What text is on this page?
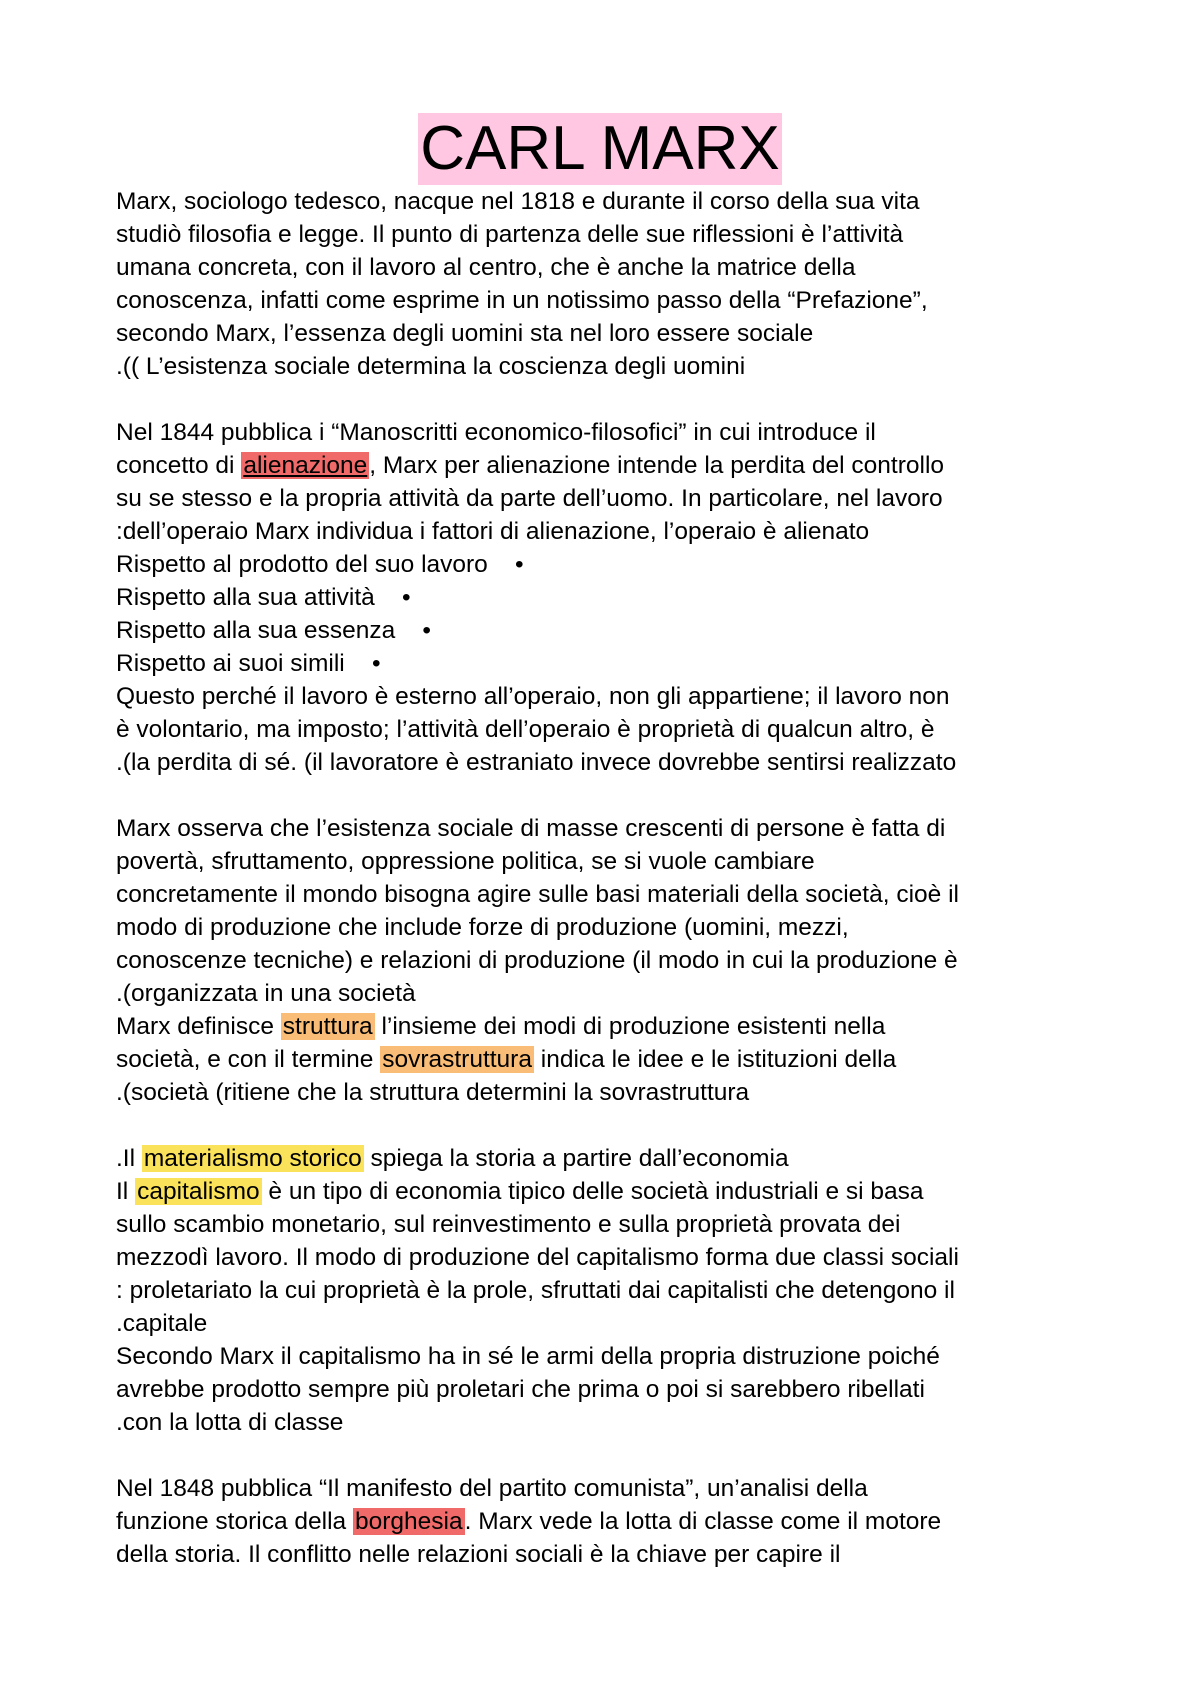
CARL MARX
Marx, sociologo tedesco, nacque nel 1818 e durante il corso della sua vita
studiò filosofia e legge. Il punto di partenza delle sue riflessioni è l’attività
umana concreta, con il lavoro al centro, che è anche la matrice della
conoscenza, infatti come esprime in un notissimo passo della “Prefazione”,
secondo Marx, l’essenza degli uomini sta nel loro essere sociale
.(( L’esistenza sociale determina la coscienza degli uomini
Nel 1844 pubblica i “Manoscritti economico-filosofici” in cui introduce il
concetto di alienazione, Marx per alienazione intende la perdita del controllo
su se stesso e la propria attività da parte dell’uomo. In particolare, nel lavoro
:dell’operaio Marx individua i fattori di alienazione, l’operaio è alienato
Rispetto al prodotto del suo lavoro    •
Rispetto alla sua attività    •
Rispetto alla sua essenza    •
Rispetto ai suoi simili    •
Questo perché il lavoro è esterno all’operaio, non gli appartiene; il lavoro non
è volontario, ma imposto; l’attività dell’operaio è proprietà di qualcun altro, è
.(la perdita di sé. (il lavoratore è estraniato invece dovrebbe sentirsi realizzato
Marx osserva che l’esistenza sociale di masse crescenti di persone è fatta di
povertà, sfruttamento, oppressione politica, se si vuole cambiare
concretamente il mondo bisogna agire sulle basi materiali della società, cioè il
modo di produzione che include forze di produzione (uomini, mezzi,
conoscenze tecniche) e relazioni di produzione (il modo in cui la produzione è
.(organizzata in una società
Marx definisce struttura l’insieme dei modi di produzione esistenti nella
società, e con il termine sovrastruttura indica le idee e le istituzioni della
.(società (ritiene che la struttura determini la sovrastruttura
.Il materialismo storico spiega la storia a partire dall’economia
Il capitalismo è un tipo di economia tipico delle società industriali e si basa
sullo scambio monetario, sul reinvestimento e sulla proprietà provata dei
mezzodì lavoro. Il modo di produzione del capitalismo forma due classi sociali
: proletariato la cui proprietà è la prole, sfruttati dai capitalisti che detengono il
.capitale
Secondo Marx il capitalismo ha in sé le armi della propria distruzione poiché
avrebbe prodotto sempre più proletari che prima o poi si sarebbero ribellati
.con la lotta di classe
Nel 1848 pubblica “Il manifesto del partito comunista”, un’analisi della
funzione storica della borghesia. Marx vede la lotta di classe come il motore
della storia. Il conflitto nelle relazioni sociali è la chiave per capire il
